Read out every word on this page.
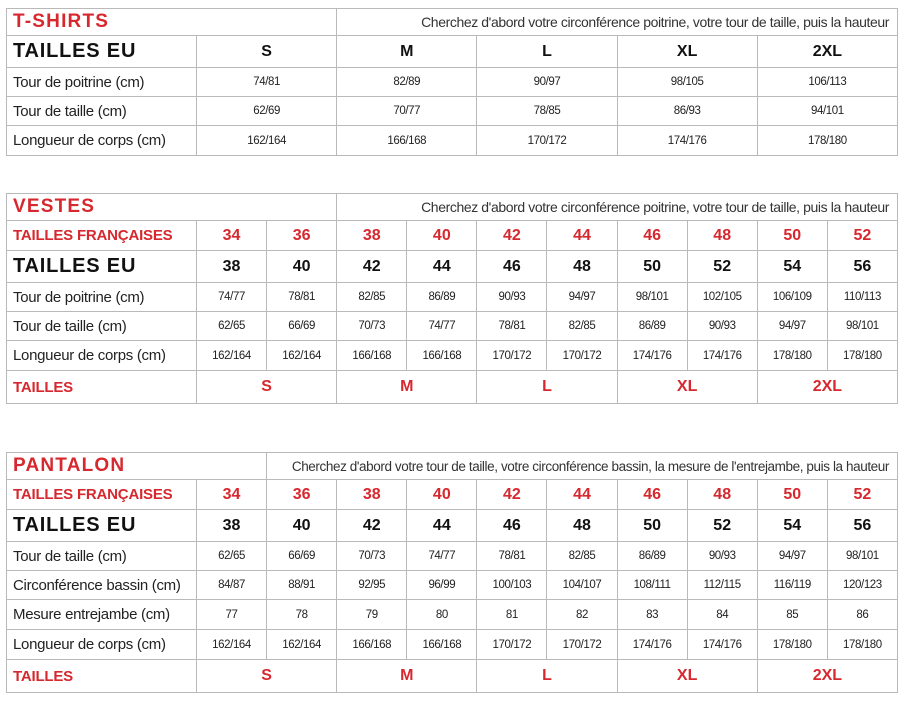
T-SHIRTS		Cherchez d'abord votre circonférence poitrine, votre tour de taille, puis la hauteur			
TAILLES EU	S	M	L	XL	2XL
Tour de poitrine (cm)	74/81	82/89	90/97	98/105	106/113
Tour de taille (cm)	62/69	70/77	78/85	86/93	94/101
Longueur de corps (cm)	162/164	166/168	170/172	174/176	178/180
VESTES			Cherchez d'abord votre circonférence poitrine, votre tour de taille, puis la hauteur							
TAILLES FRANÇAISES	34	36	38	40	42	44	46	48	50	52
TAILLES EU	38	40	42	44	46	48	50	52	54	56
Tour de poitrine (cm)	74/77	78/81	82/85	86/89	90/93	94/97	98/101	102/105	106/109	110/113
Tour de taille (cm)	62/65	66/69	70/73	74/77	78/81	82/85	86/89	90/93	94/97	98/101
Longueur de corps (cm)	162/164	162/164	166/168	166/168	170/172	170/172	174/176	174/176	178/180	178/180
TAILLES	S		M		L		XL		2XL	
PANTALON		Cherchez d'abord votre tour de taille, votre circonférence bassin, la mesure de l'entrejambe, puis la hauteur								
TAILLES FRANÇAISES	34	36	38	40	42	44	46	48	50	52
TAILLES EU	38	40	42	44	46	48	50	52	54	56
Tour de taille (cm)	62/65	66/69	70/73	74/77	78/81	82/85	86/89	90/93	94/97	98/101
Circonférence bassin (cm)	84/87	88/91	92/95	96/99	100/103	104/107	108/111	112/115	116/119	120/123
Mesure entrejambe (cm)	77	78	79	80	81	82	83	84	85	86
Longueur de corps (cm)	162/164	162/164	166/168	166/168	170/172	170/172	174/176	174/176	178/180	178/180
TAILLES	S		M		L		XL		2XL	
